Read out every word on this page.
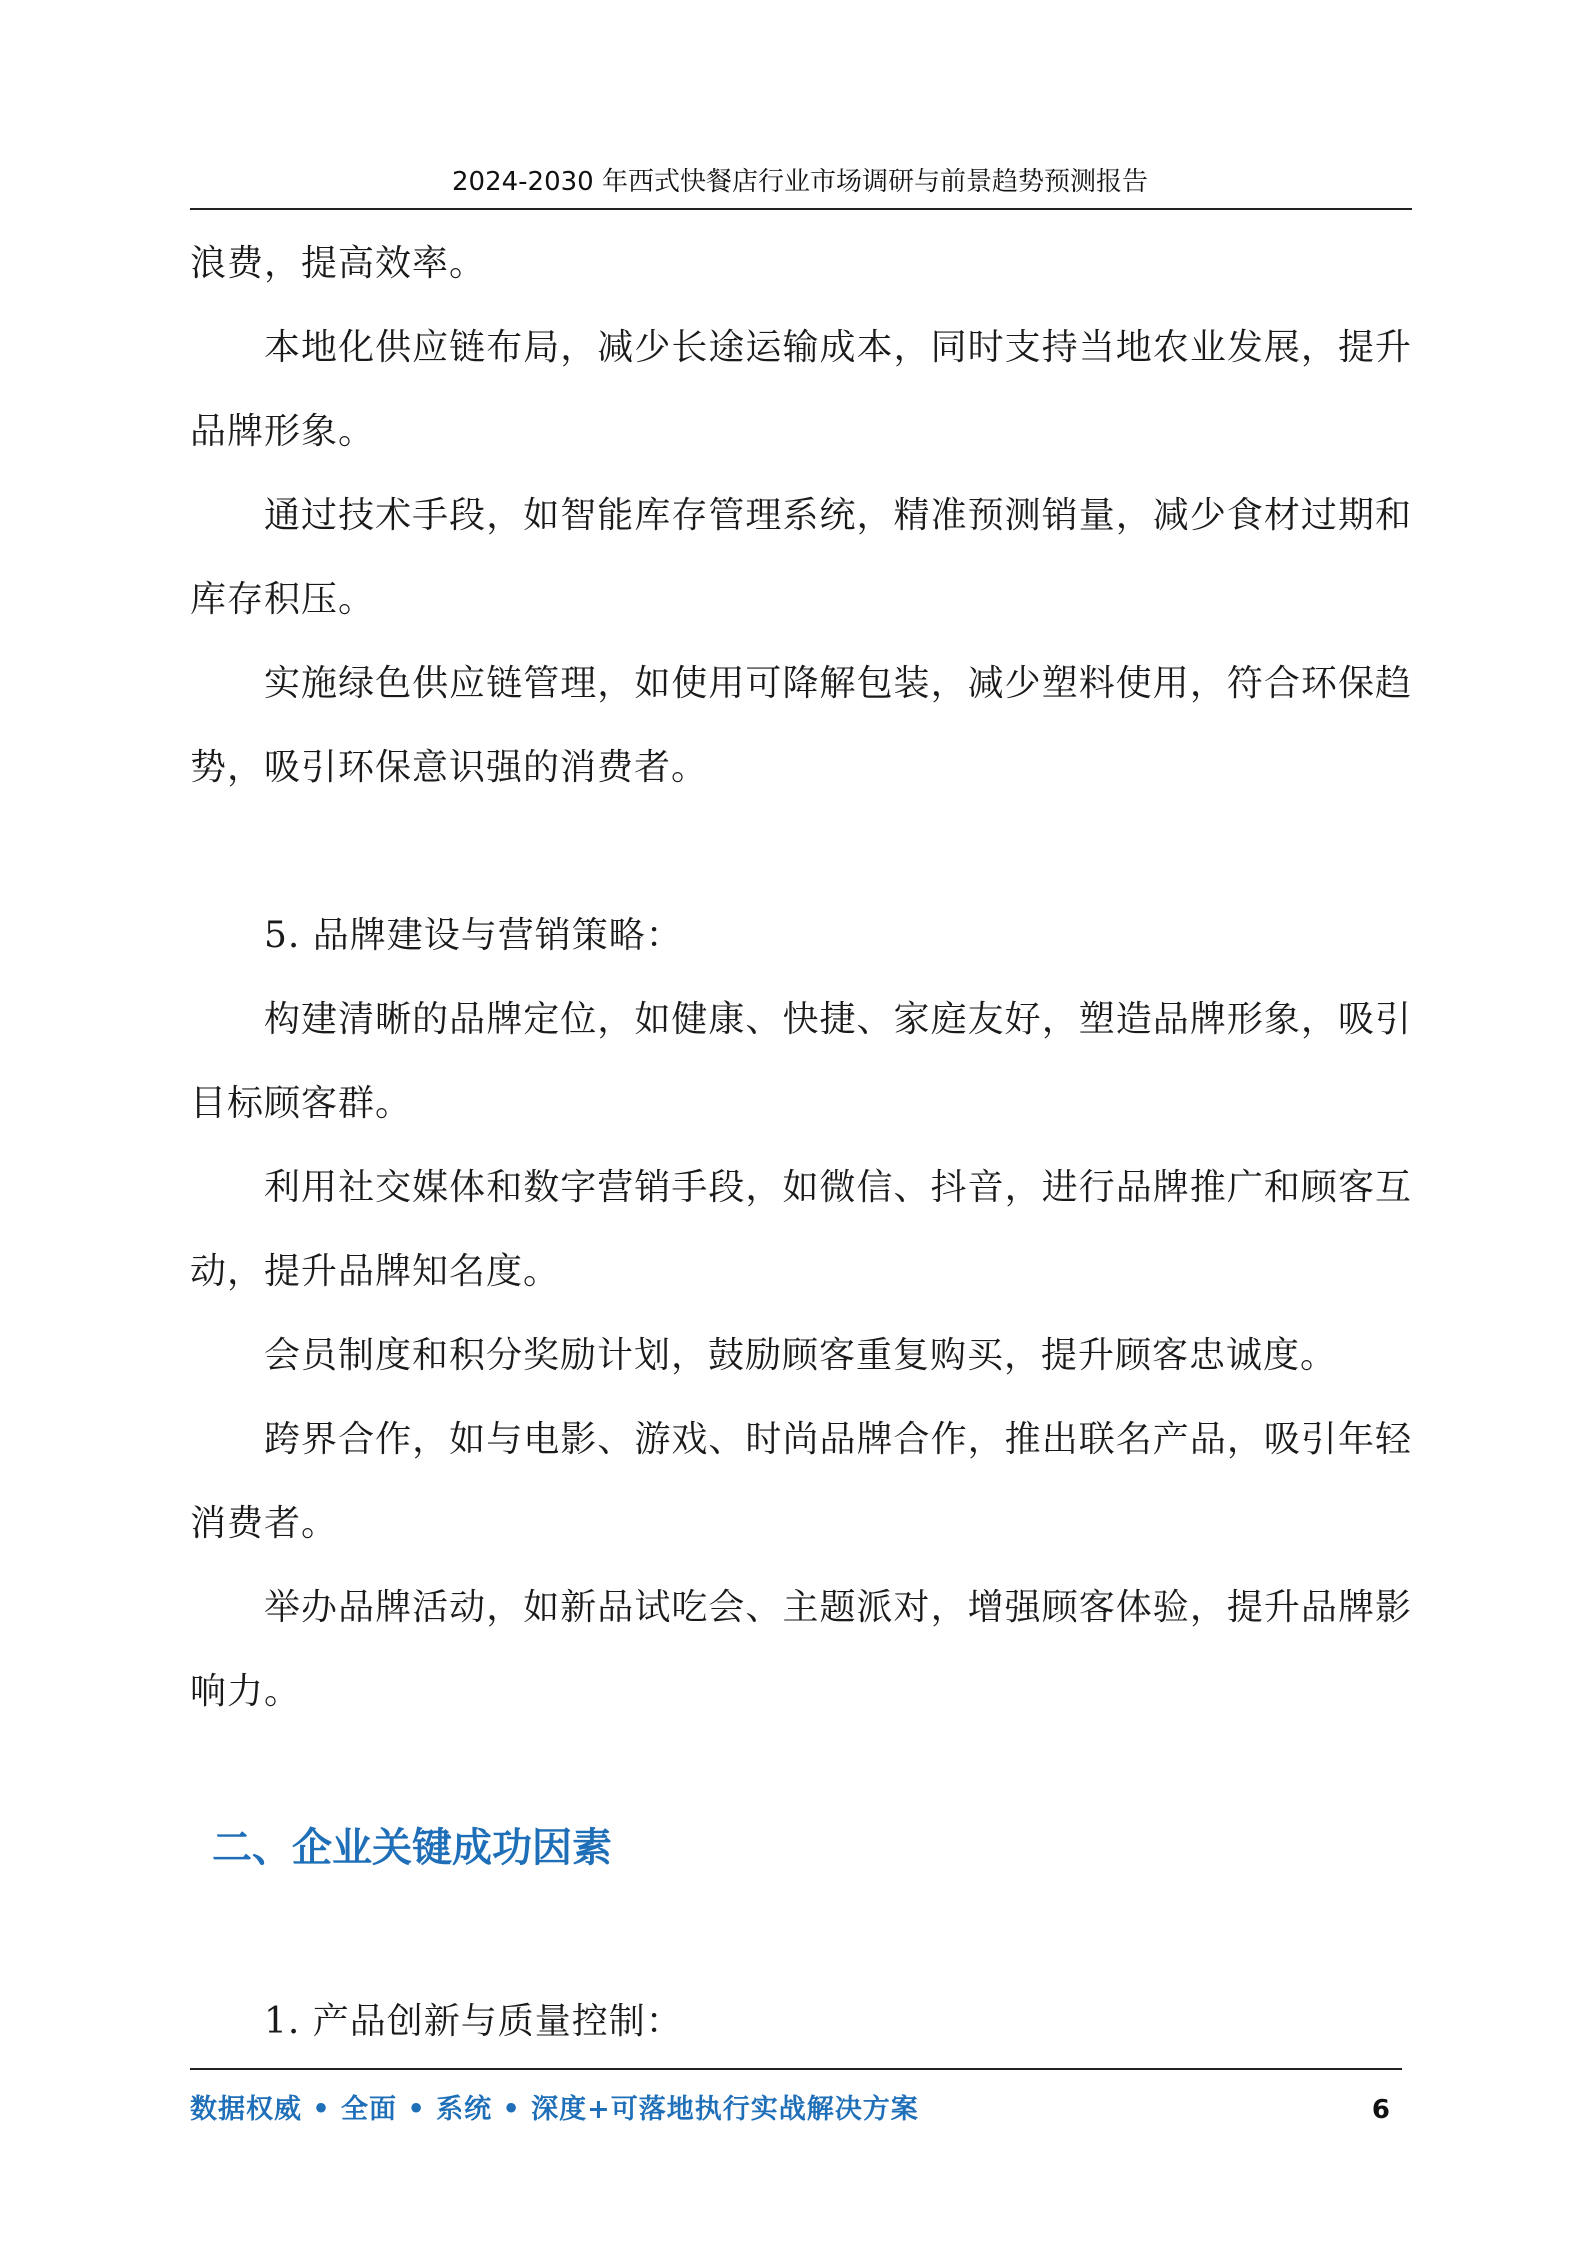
2024-2030 年西式快餐店行业市场调研与前景趋势预测报告

浪费，提高效率。

本地化供应链布局，减少长途运输成本，同时支持当地农业发展，提升品牌形象。

通过技术手段，如智能库存管理系统，精准预测销量，减少食材过期和库存积压。

实施绿色供应链管理，如使用可降解包装，减少塑料使用，符合环保趋势，吸引环保意识强的消费者。

5. 品牌建设与营销策略：

构建清晰的品牌定位，如健康、快捷、家庭友好，塑造品牌形象，吸引目标顾客群。

利用社交媒体和数字营销手段，如微信、抖音，进行品牌推广和顾客互动，提升品牌知名度。

会员制度和积分奖励计划，鼓励顾客重复购买，提升顾客忠诚度。

跨界合作，如与电影、游戏、时尚品牌合作，推出联名产品，吸引年轻消费者。

举办品牌活动，如新品试吃会、主题派对，增强顾客体验，提升品牌影响力。

二、企业关键成功因素
1. 产品创新与质量控制：
数据权威 • 全面 • 系统 • 深度+可落地执行实战解决方案	6
